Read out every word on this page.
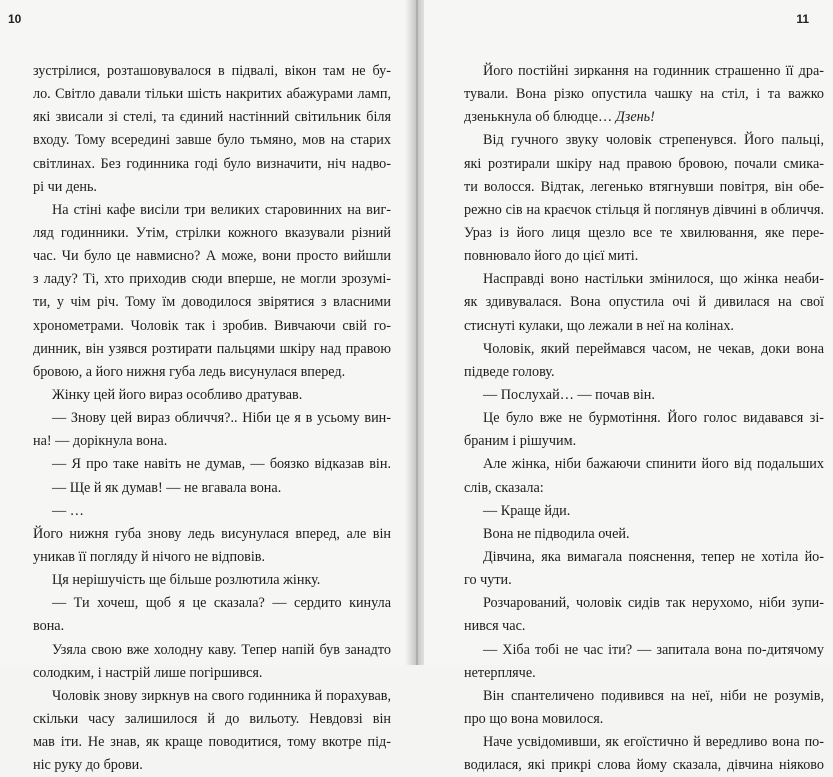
10
зустрілися, розташовувалося в підвалі, вікон там не бу-
ло. Світло давали тільки шість накритих абажурами ламп,
які звисали зі стелі, та єдиний настінний світильник біля
входу. Тому всередині завше було тьмяно, мов на старих
світлинах. Без годинника годі було визначити, ніч надво-
рі чи день.
На стіні кафе висіли три великих старовинних на виг-
ляд годинники. Утім, стрілки кожного вказували різний
час. Чи було це навмисно? А може, вони просто вийшли
з ладу? Ті, хто приходив сюди вперше, не могли зрозумі-
ти, у чім річ. Тому їм доводилося звірятися з власними
хронометрами. Чоловік так і зробив. Вивчаючи свій го-
динник, він узявся розтирати пальцями шкіру над правою
бровою, а його нижня губа ледь висунулася вперед.
Жінку цей його вираз особливо дратував.
— Знову цей вираз обличчя?.. Ніби це я в усьому вин-
на! — дорікнула вона.
— Я про таке навіть не думав, — боязко відказав він.
— Ще й як думав! — не вгавала вона.
— …
Його нижня губа знову ледь висунулася вперед, але він
уникав її погляду й нічого не відповів.
Ця нерішучість ще більше розлютила жінку.
— Ти хочеш, щоб я це сказала? — сердито кинула
вона.
Узяла свою вже холодну каву. Тепер напій був занадто
солодким, і настрій лише погіршився.
Чоловік знову зиркнув на свого годинника й порахував,
скільки часу залишилося й до вильоту. Невдовзі він
мав іти. Не знав, як краще поводитися, тому вкотре під-
ніс руку до брови.
11
Його постійні зиркання на годинник страшенно її дра-
тували. Вона різко опустила чашку на стіл, і та важко
дзенькнула об блюдце… Дзень!
Від гучного звуку чоловік стрепенувся. Його пальці,
які розтирали шкіру над правою бровою, почали смика-
ти волосся. Відтак, легенько втягнувши повітря, він обе-
режно сів на краєчок стільця й поглянув дівчині в обличчя.
Ураз із його лиця щезло все те хвилювання, яке пере-
повнювало його до цієї миті.
Насправді воно настільки змінилося, що жінка неаби-
як здивувалася. Вона опустила очі й дивилася на свої
стиснуті кулаки, що лежали в неї на колінах.
Чоловік, який переймався часом, не чекав, доки вона
підведе голову.
— Послухай… — почав він.
Це було вже не бурмотіння. Його голос видавався зі-
браним і рішучим.
Але жінка, ніби бажаючи спинити його від подальших
слів, сказала:
— Краще йди.
Вона не підводила очей.
Дівчина, яка вимагала пояснення, тепер не хотіла йо-
го чути.
Розчарований, чоловік сидів так нерухомо, ніби зупи-
нився час.
— Хіба тобі не час іти? — запитала вона по-дитячому
нетерпляче.
Він спантеличено подивився на неї, ніби не розумів,
про що вона мовилося.
Наче усвідомивши, як егоїстично й вередливо вона по-
водилася, які прикрі слова йому сказала, дівчина ніяково
